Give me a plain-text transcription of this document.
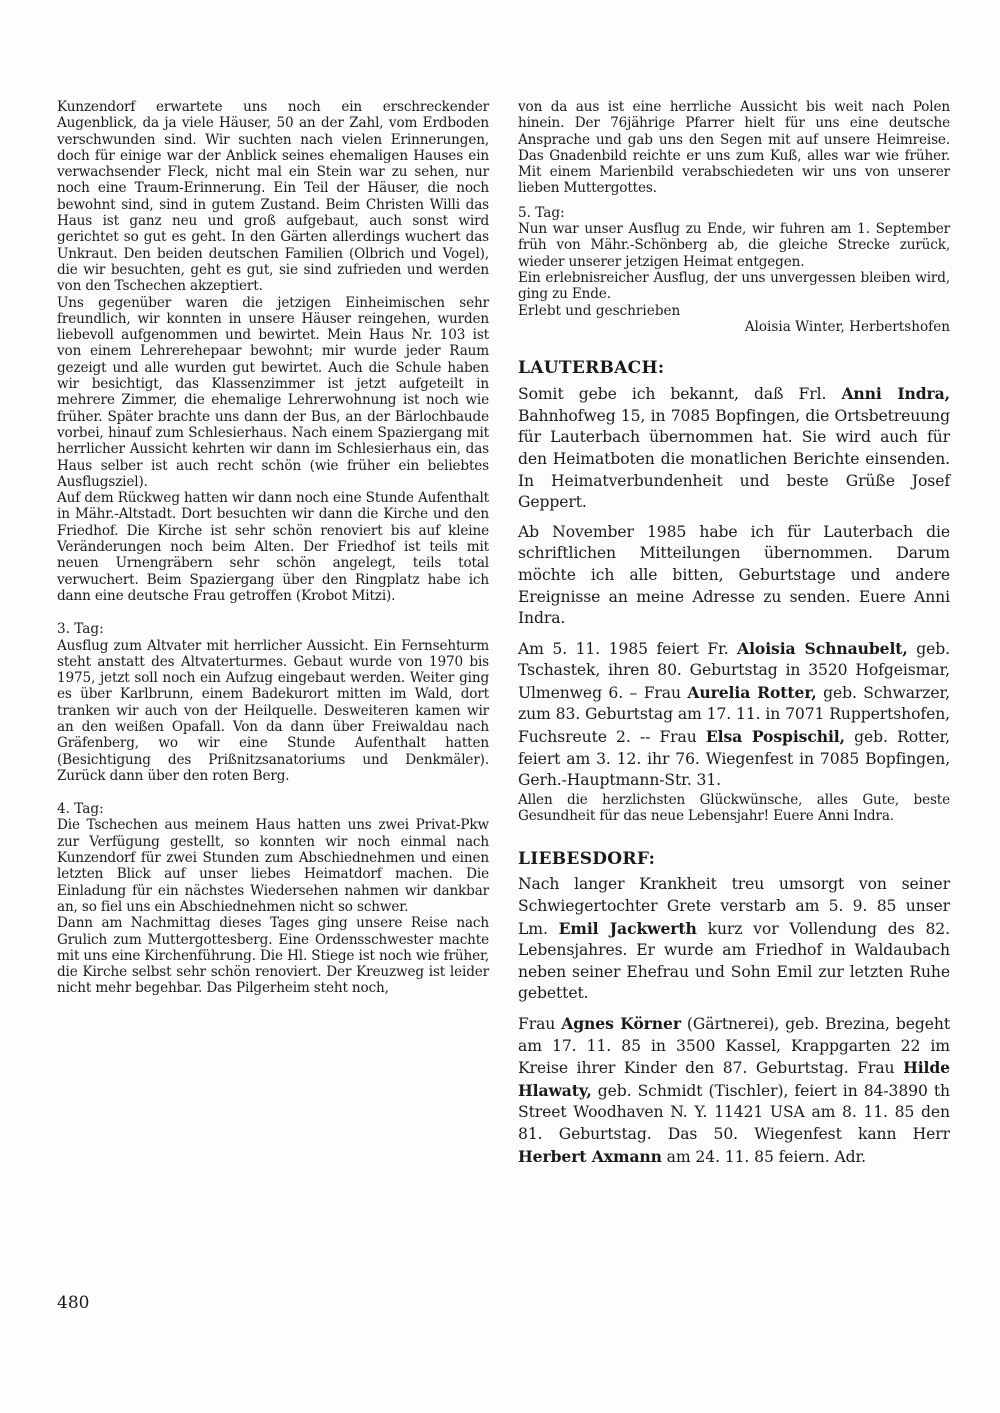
Kunzendorf erwartete uns noch ein erschreckender Augenblick, da ja viele Häuser, 50 an der Zahl, vom Erdboden verschwunden sind. Wir suchten nach vielen Erinnerungen, doch für einige war der Anblick seines ehemaligen Hauses ein verwachsender Fleck, nicht mal ein Stein war zu sehen, nur noch eine Traum-Erinnerung. Ein Teil der Häuser, die noch bewohnt sind, sind in gutem Zustand. Beim Christen Willi das Haus ist ganz neu und groß aufgebaut, auch sonst wird gerichtet so gut es geht. In den Gärten allerdings wuchert das Unkraut. Den beiden deutschen Familien (Olbrich und Vogel), die wir besuchten, geht es gut, sie sind zufrieden und werden von den Tschechen akzeptiert.

Uns gegenüber waren die jetzigen Einheimischen sehr freundlich, wir konnten in unsere Häuser reingehen, wurden liebevoll aufgenommen und bewirtet. Mein Haus Nr. 103 ist von einem Lehrerehepaar bewohnt; mir wurde jeder Raum gezeigt und alle wurden gut bewirtet. Auch die Schule haben wir besichtigt, das Klassenzimmer ist jetzt aufgeteilt in mehrere Zimmer, die ehemalige Lehrerwohnung ist noch wie früher. Später brachte uns dann der Bus, an der Bärlochbaude vorbei, hinauf zum Schlesierhaus. Nach einem Spaziergang mit herrlicher Aussicht kehrten wir dann im Schlesierhaus ein, das Haus selber ist auch recht schön (wie früher ein beliebtes Ausflugsziel).

Auf dem Rückweg hatten wir dann noch eine Stunde Aufenthalt in Mähr.-Altstadt. Dort besuchten wir dann die Kirche und den Friedhof. Die Kirche ist sehr schön renoviert bis auf kleine Veränderungen noch beim Alten. Der Friedhof ist teils mit neuen Urnengräbern sehr schön angelegt, teils total verwuchert. Beim Spaziergang über den Ringplatz habe ich dann eine deutsche Frau getroffen (Krobot Mitzi).

3. Tag:

Ausflug zum Altvater mit herrlicher Aussicht. Ein Fernsehturm steht anstatt des Altvaterturmes. Gebaut wurde von 1970 bis 1975, jetzt soll noch ein Aufzug eingebaut werden. Weiter ging es über Karlbrunn, einem Badekurort mitten im Wald, dort tranken wir auch von der Heilquelle. Desweiteren kamen wir an den weißen Opafall. Von da dann über Freiwaldau nach Gräfenberg, wo wir eine Stunde Aufenthalt hatten (Besichtigung des Prißnitzsanatoriums und Denkmäler). Zurück dann über den roten Berg.

4. Tag:

Die Tschechen aus meinem Haus hatten uns zwei Privat-Pkw zur Verfügung gestellt, so konnten wir noch einmal nach Kunzendorf für zwei Stunden zum Abschiednehmen und einen letzten Blick auf unser liebes Heimatdorf machen. Die Einladung für ein nächstes Wiedersehen nahmen wir dankbar an, so fiel uns ein Abschiednehmen nicht so schwer.

Dann am Nachmittag dieses Tages ging unsere Reise nach Grulich zum Muttergottesberg. Eine Ordensschwester machte mit uns eine Kirchenführung. Die Hl. Stiege ist noch wie früher, die Kirche selbst sehr schön renoviert. Der Kreuzweg ist leider nicht mehr begehbar. Das Pilgerheim steht noch,

von da aus ist eine herrliche Aussicht bis weit nach Polen hinein. Der 76jährige Pfarrer hielt für uns eine deutsche Ansprache und gab uns den Segen mit auf unsere Heimreise. Das Gnadenbild reichte er uns zum Kuß, alles war wie früher. Mit einem Marienbild verabschiedeten wir uns von unserer lieben Muttergottes.

5. Tag:

Nun war unser Ausflug zu Ende, wir fuhren am 1. September früh von Mähr.-Schönberg ab, die gleiche Strecke zurück, wieder unserer jetzigen Heimat entgegen.

Ein erlebnisreicher Ausflug, der uns unvergessen bleiben wird, ging zu Ende.

Erlebt und geschrieben

Aloisia Winter, Herbertshofen

LAUTERBACH:

Somit gebe ich bekannt, daß Frl. Anni Indra, Bahnhofweg 15, in 7085 Bopfingen, die Ortsbetreuung für Lauterbach übernommen hat. Sie wird auch für den Heimatboten die monatlichen Berichte einsenden. In Heimatverbundenheit und beste Grüße Josef Geppert.

Ab November 1985 habe ich für Lauterbach die schriftlichen Mitteilungen übernommen. Darum möchte ich alle bitten, Geburtstage und andere Ereignisse an meine Adresse zu senden. Euere Anni Indra.

Am 5. 11. 1985 feiert Fr. Aloisia Schnaubelt, geb. Tschastek, ihren 80. Geburtstag in 3520 Hofgeismar, Ulmenweg 6. – Frau Aurelia Rotter, geb. Schwarzer, zum 83. Geburtstag am 17. 11. in 7071 Ruppertshofen, Fuchsreute 2. -- Frau Elsa Pospischil, geb. Rotter, feiert am 3. 12. ihr 76. Wiegenfest in 7085 Bopfingen, Gerh.-Hauptmann-Str. 31.

Allen die herzlichsten Glückwünsche, alles Gute, beste Gesundheit für das neue Lebensjahr! Euere Anni Indra.

LIEBESDORF:

Nach langer Krankheit treu umsorgt von seiner Schwiegertochter Grete verstarb am 5. 9. 85 unser Lm. Emil Jackwerth kurz vor Vollendung des 82. Lebensjahres. Er wurde am Friedhof in Waldaubach neben seiner Ehefrau und Sohn Emil zur letzten Ruhe gebettet.

Frau Agnes Körner (Gärtnerei), geb. Brezina, begeht am 17. 11. 85 in 3500 Kassel, Krappgarten 22 im Kreise ihrer Kinder den 87. Geburtstag. Frau Hilde Hlawaty, geb. Schmidt (Tischler), feiert in 84-3890 th Street Woodhaven N. Y. 11421 USA am 8. 11. 85 den 81. Geburtstag. Das 50. Wiegenfest kann Herr Herbert Axmann am 24. 11. 85 feiern. Adr.

480
